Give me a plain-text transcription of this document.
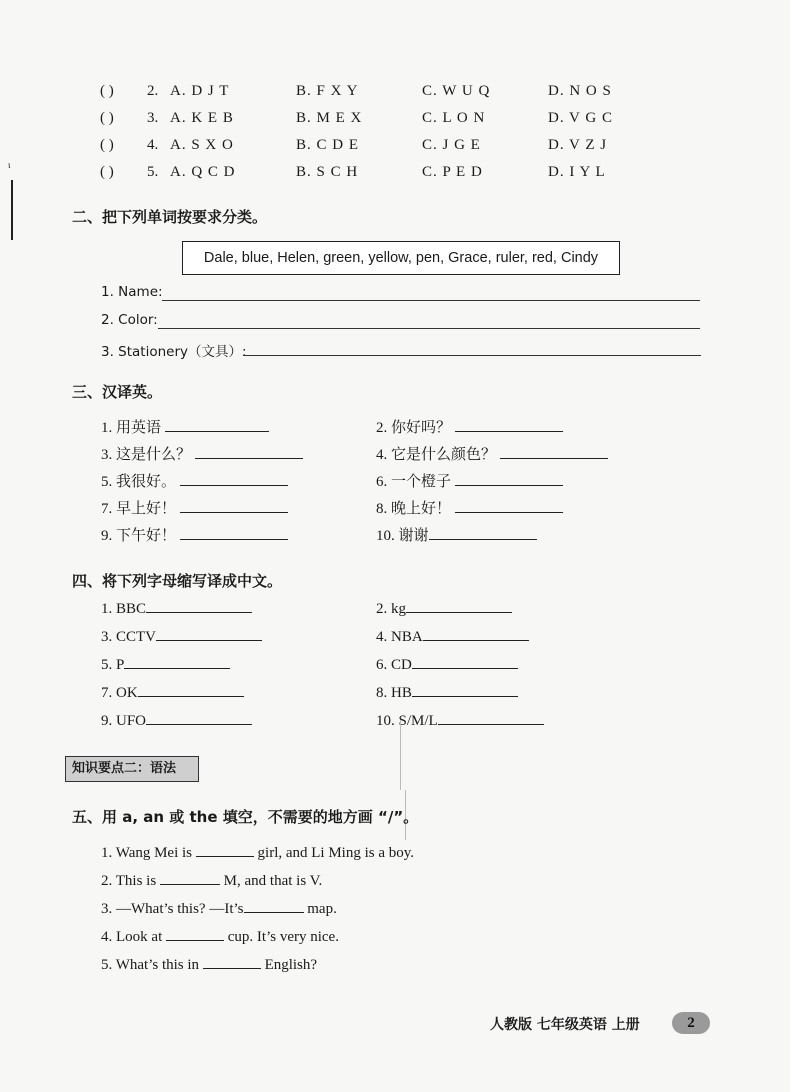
ι
( ) 2. A. D J T	B. F X Y	C. W U Q	D. N O S
( ) 3. A. K E B	B. M E X	C. L O N	D. V G C
( ) 4. A. S X O	B. C D E	C. J G E	D. V Z J
( ) 5. A. Q C D	B. S C H	C. P E D	D. I Y L
二、把下列单词按要求分类。
Dale, blue, Helen, green, yellow, pen, Grace, ruler, red, Cindy
1. Name:
2. Color:
3. Stationery（文具）:
三、汉译英。
1. 用英语	2. 你好吗？
3. 这是什么？	4. 它是什么颜色？
5. 我很好。	6. 一个橙子
7. 早上好！	8. 晚上好！
9. 下午好！	10. 谢谢
四、将下列字母缩写译成中文。
1. BBC	2. kg
3. CCTV	4. NBA
5. P	6. CD
7. OK	8. HB
9. UFO	10. S/M/L
知识要点二：语法
五、用 a, an 或 the 填空，不需要的地方画 “/”。
1. Wang Mei is	girl, and Li Ming is a boy.
2. This is	M, and that is V.
3. —What’s this? —It’s	map.
4. Look at	cup. It’s very nice.
5. What’s this in	English?
人教版 七年级英语 上册	2
